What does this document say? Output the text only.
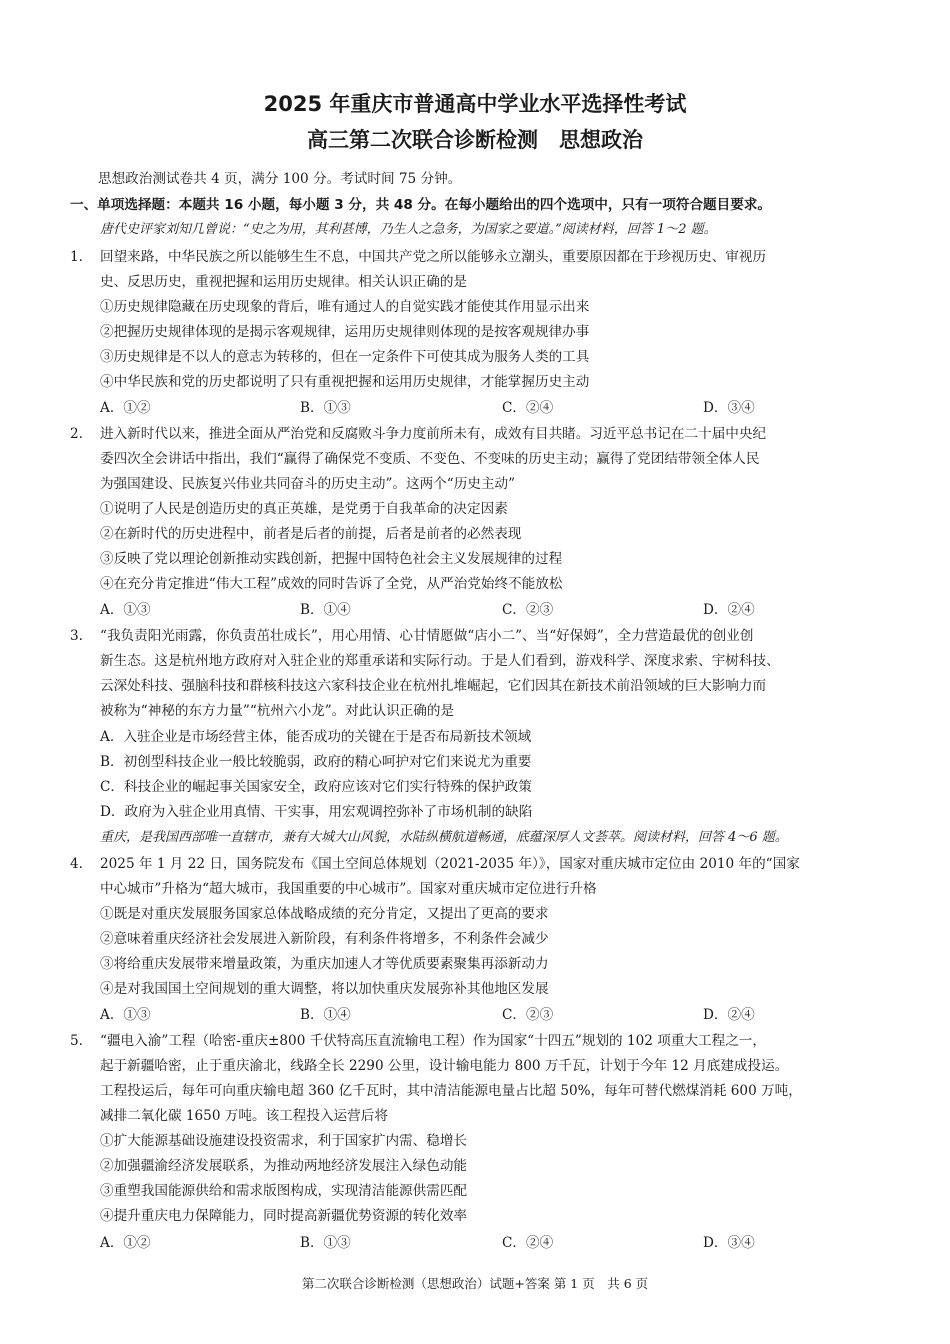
2025 年重庆市普通高中学业水平选择性考试
高三第二次联合诊断检测　思想政治
思想政治测试卷共 4 页，满分 100 分。考试时间 75 分钟。
一、单项选择题：本题共 16 小题，每小题 3 分，共 48 分。在每小题给出的四个选项中，只有一项符合题目要求。
唐代史评家刘知几曾说：“史之为用，其利甚博，乃生人之急务，为国家之要道。”阅读材料，回答 1～2 题。
1. 回望来路，中华民族之所以能够生生不息，中国共产党之所以能够永立潮头，重要原因都在于珍视历史、审视历
史、反思历史，重视把握和运用历史规律。相关认识正确的是
①历史规律隐藏在历史现象的背后，唯有通过人的自觉实践才能使其作用显示出来
②把握历史规律体现的是揭示客观规律，运用历史规律则体现的是按客观规律办事
③历史规律是不以人的意志为转移的，但在一定条件下可使其成为服务人类的工具
④中华民族和党的历史都说明了只有重视把握和运用历史规律，才能掌握历史主动
A．①②	B．①③	C．②④	D．③④
2. 进入新时代以来，推进全面从严治党和反腐败斗争力度前所未有，成效有目共睹。习近平总书记在二十届中央纪
委四次全会讲话中指出，我们“赢得了确保党不变质、不变色、不变味的历史主动；赢得了党团结带领全体人民
为强国建设、民族复兴伟业共同奋斗的历史主动”。这两个“历史主动”
①说明了人民是创造历史的真正英雄，是党勇于自我革命的决定因素
②在新时代的历史进程中，前者是后者的前提，后者是前者的必然表现
③反映了党以理论创新推动实践创新，把握中国特色社会主义发展规律的过程
④在充分肯定推进“伟大工程”成效的同时告诉了全党，从严治党始终不能放松
A．①③	B．①④	C．②③	D．②④
3. “我负责阳光雨露，你负责茁壮成长”，用心用情、心甘情愿做“店小二”、当“好保姆”，全力营造最优的创业创
新生态。这是杭州地方政府对入驻企业的郑重承诺和实际行动。于是人们看到，游戏科学、深度求索、宇树科技、
云深处科技、强脑科技和群核科技这六家科技企业在杭州扎堆崛起，它们因其在新技术前沿领域的巨大影响力而
被称为“神秘的东方力量”“杭州六小龙”。对此认识正确的是
A．入驻企业是市场经营主体，能否成功的关键在于是否布局新技术领域
B．初创型科技企业一般比较脆弱，政府的精心呵护对它们来说尤为重要
C．科技企业的崛起事关国家安全，政府应该对它们实行特殊的保护政策
D．政府为入驻企业用真情、干实事，用宏观调控弥补了市场机制的缺陷
重庆，是我国西部唯一直辖市，兼有大城大山风貌，水陆纵横航道畅通，底蕴深厚人文荟萃。阅读材料，回答 4～6 题。
4. 2025 年 1 月 22 日，国务院发布《国土空间总体规划（2021-2035 年）》，国家对重庆城市定位由 2010 年的“国家
中心城市”升格为“超大城市，我国重要的中心城市”。国家对重庆城市定位进行升格
①既是对重庆发展服务国家总体战略成绩的充分肯定，又提出了更高的要求
②意味着重庆经济社会发展进入新阶段，有利条件将增多，不利条件会减少
③将给重庆发展带来增量政策，为重庆加速人才等优质要素聚集再添新动力
④是对我国国土空间规划的重大调整，将以加快重庆发展弥补其他地区发展
A．①③	B．①④	C．②③	D．②④
5. “疆电入渝”工程（哈密-重庆±800 千伏特高压直流输电工程）作为国家“十四五”规划的 102 项重大工程之一，
起于新疆哈密，止于重庆渝北，线路全长 2290 公里，设计输电能力 800 万千瓦，计划于今年 12 月底建成投运。
工程投运后，每年可向重庆输电超 360 亿千瓦时，其中清洁能源电量占比超 50%，每年可替代燃煤消耗 600 万吨，
减排二氧化碳 1650 万吨。该工程投入运营后将
①扩大能源基础设施建设投资需求，利于国家扩内需、稳增长
②加强疆渝经济发展联系，为推动两地经济发展注入绿色动能
③重塑我国能源供给和需求版图构成，实现清洁能源供需匹配
④提升重庆电力保障能力，同时提高新疆优势资源的转化效率
A．①②	B．①③	C．②④	D．③④
第二次联合诊断检测（思想政治）试题+答案 第 1 页　共 6 页
